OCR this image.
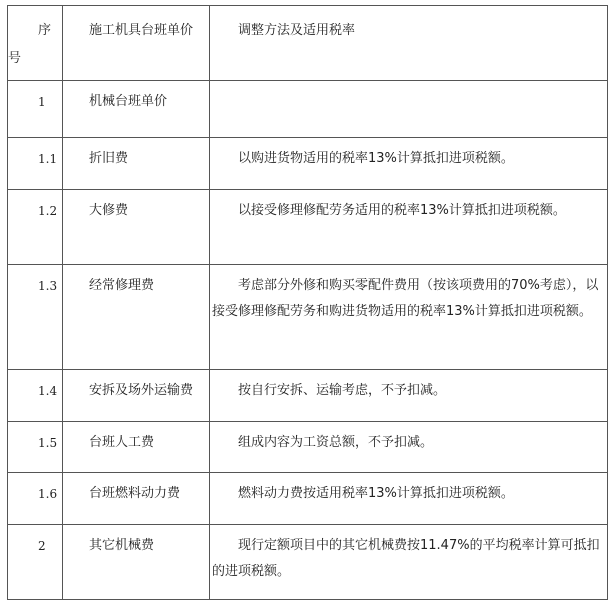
序
号	施工机具台班单价	调整方法及适用税率

1	机械台班单价	

1.1	折旧费	以购进货物适用的税率13%计算抵扣进项税额。

1.2	大修费	以接受修理修配劳务适用的税率13%计算抵扣进项税额。

1.3	经常修理费	考虑部分外修和购买零配件费用（按该项费用的70%考虑），以接受修理修配劳务和购进货物适用的税率13%计算抵扣进项税额。

1.4	安拆及场外运输费	按自行安拆、运输考虑，不予扣减。

1.5	台班人工费	组成内容为工资总额，不予扣减。

1.6	台班燃料动力费	燃料动力费按适用税率13%计算抵扣进项税额。

2	其它机械费	现行定额项目中的其它机械费按11.47%的平均税率计算可抵扣的进项税额。
